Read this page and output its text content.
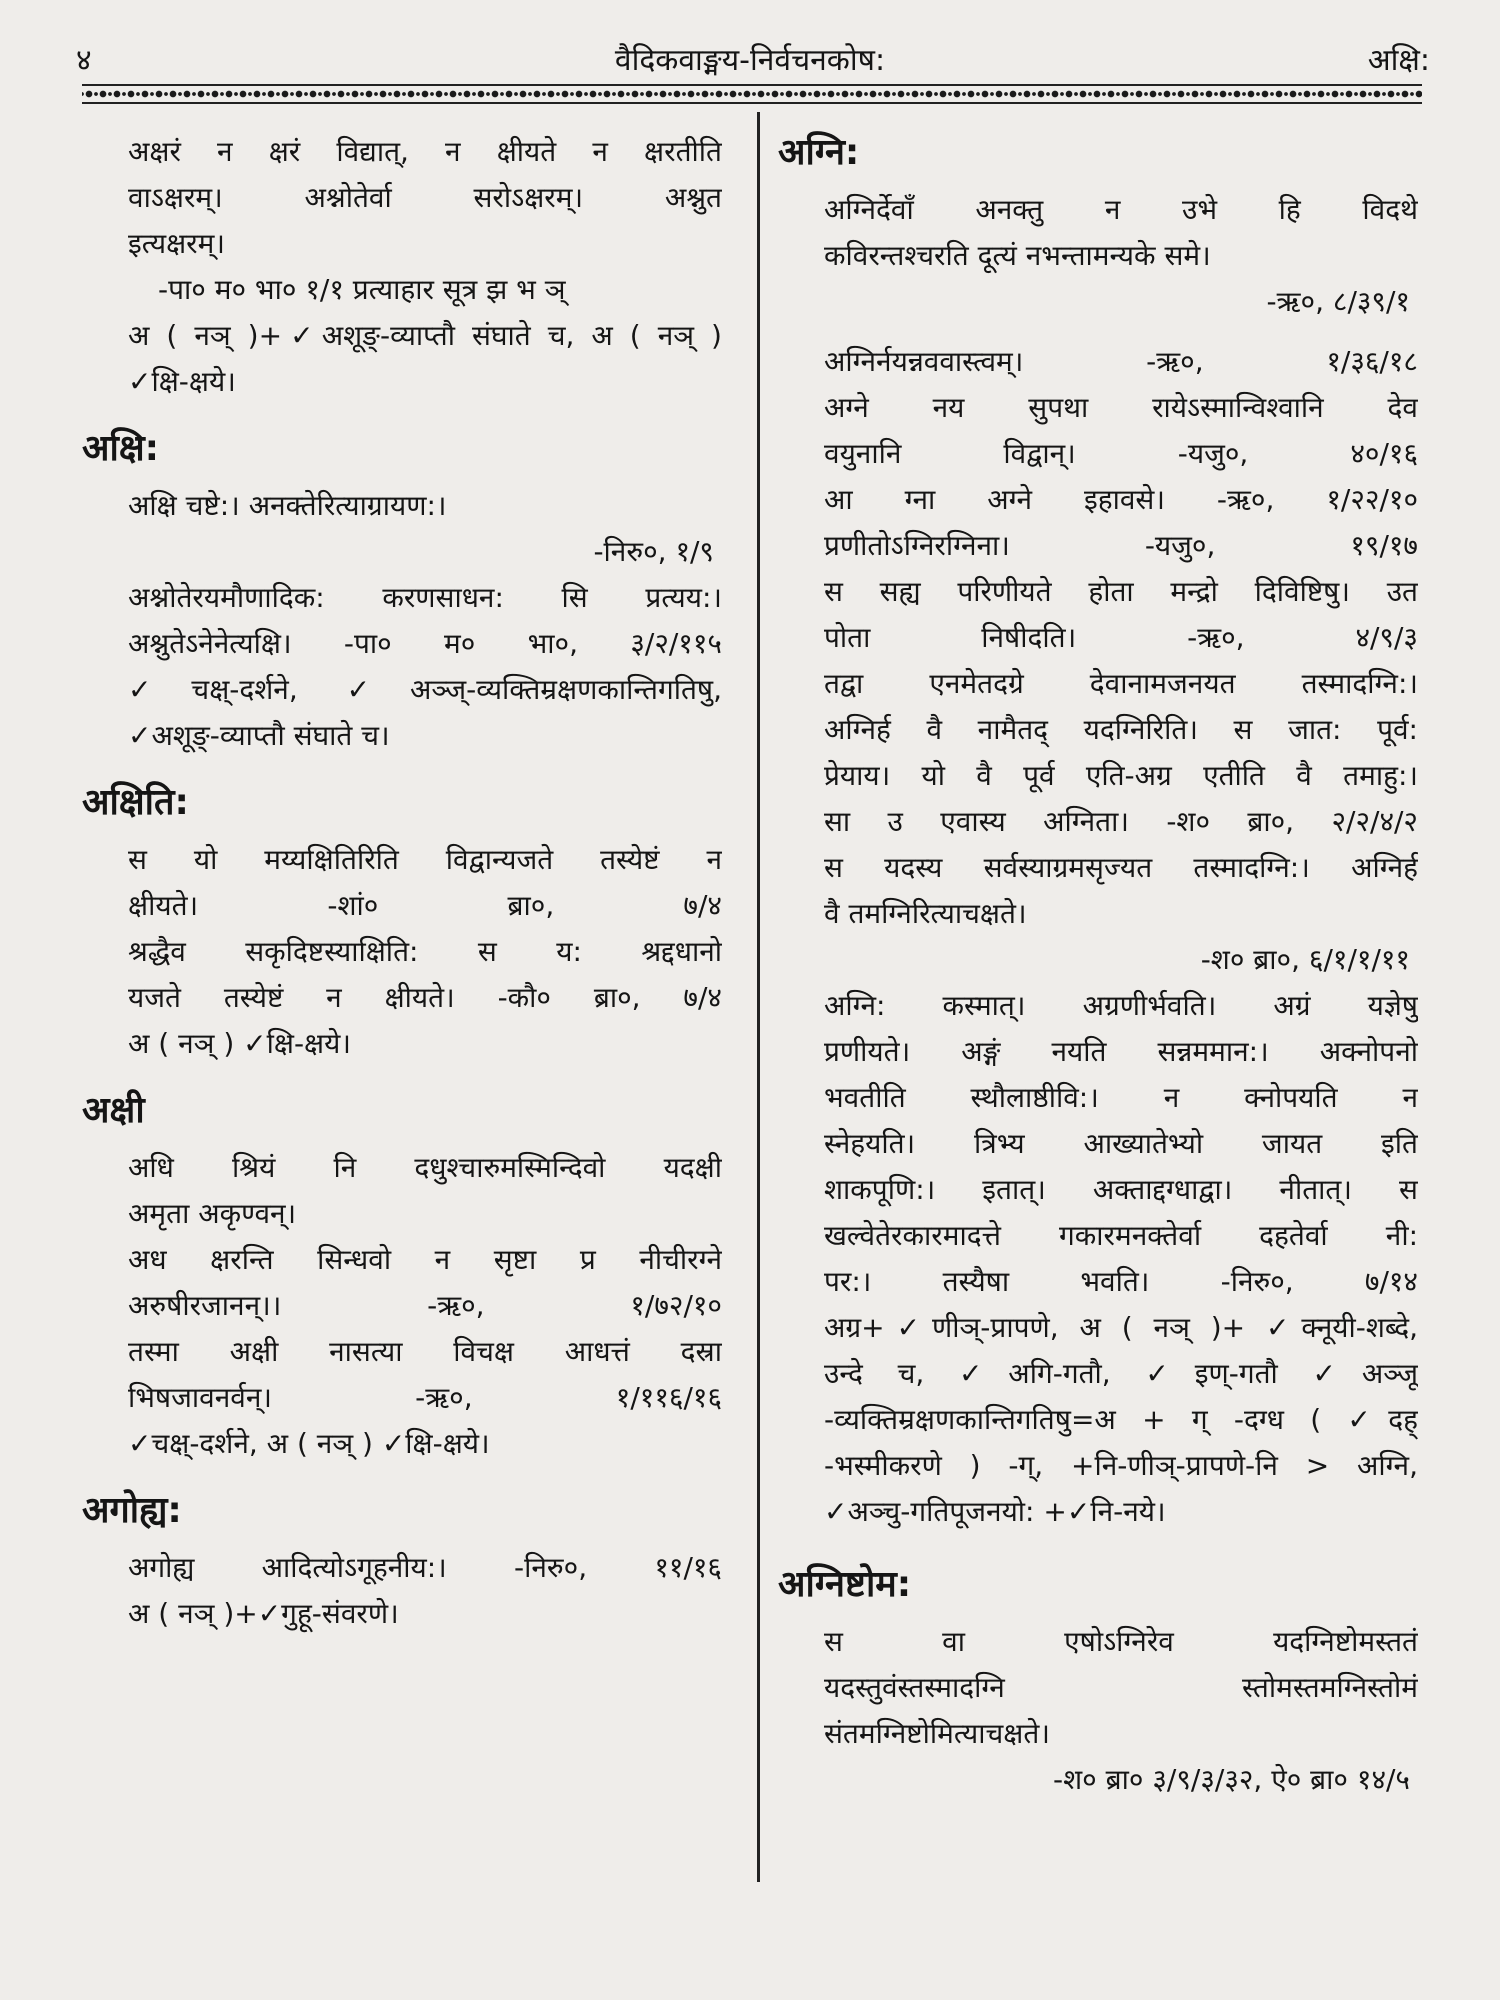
४	वैदिकवाङ्मय-निर्वचनकोष:	अक्षि:
अक्षरं न क्षरं विद्यात्, न क्षीयते न क्षरतीति
वाऽक्षरम्। अश्नोतेर्वा सरोऽक्षरम्। अश्नुत
इत्यक्षरम्।
-पा० म० भा० १/१ प्रत्याहार सूत्र झ भ ञ्
अ ( नञ् )+✓अशूङ्-व्याप्तौ संघाते च, अ ( नञ् )
✓क्षि-क्षये।
अक्षि:
अक्षि चष्टे:। अनक्तेरित्याग्रायण:।
-निरु०, १/९
अश्नोतेरयमौणादिक: करणसाधन: सि प्रत्यय:।
अश्नुतेऽनेनेत्यक्षि। -पा० म० भा०, ३/२/११५
✓चक्ष्-दर्शने, ✓अञ्ज्-व्यक्तिम्रक्षणकान्तिगतिषु,
✓अशूङ्-व्याप्तौ संघाते च।
अक्षिति:
स यो मय्यक्षितिरिति विद्वान्यजते तस्येष्टं न
क्षीयते। -शां० ब्रा०, ७/४
श्रद्धैव सकृदिष्टस्याक्षिति: स य: श्रद्दधानो
यजते तस्येष्टं न क्षीयते। -कौ० ब्रा०, ७/४
अ ( नञ् ) ✓क्षि-क्षये।
अक्षी
अधि श्रियं नि दधुश्चारुमस्मिन्दिवो यदक्षी
अमृता अकृण्वन्।
अध क्षरन्ति सिन्धवो न सृष्टा प्र नीचीरग्ने
अरुषीरजानन्।। -ऋ०, १/७२/१०
तस्मा अक्षी नासत्या विचक्ष आधत्तं दस्रा
भिषजावनर्वन्। -ऋ०, १/११६/१६
✓चक्ष्-दर्शने, अ ( नञ् ) ✓क्षि-क्षये।
अगोह्य:
अगोह्य आदित्योऽगूहनीय:। -निरु०, ११/१६
अ ( नञ् )+✓गुहू-संवरणे।
अग्नि:
अग्निर्देवाँ अनक्तु न उभे हि विदथे
कविरन्तश्चरति दूत्यं नभन्तामन्यके समे।
-ऋ०, ८/३९/१
अग्निर्नयन्नववास्त्वम्। -ऋ०, १/३६/१८
अग्ने नय सुपथा रायेऽस्मान्विश्वानि देव
वयुनानि विद्वान्। -यजु०, ४०/१६
आ ग्ना अग्ने इहावसे। -ऋ०, १/२२/१०
प्रणीतोऽग्निरग्निना। -यजु०, १९/१७
स सह्य परिणीयते होता मन्द्रो दिविष्टिषु। उत
पोता निषीदति। -ऋ०, ४/९/३
तद्वा एनमेतदग्रे देवानामजनयत तस्मादग्नि:।
अग्निर्ह वै नामैतद् यदग्निरिति। स जात: पूर्व:
प्रेयाय। यो वै पूर्व एति-अग्र एतीति वै तमाहु:।
सा उ एवास्य अग्निता। -श० ब्रा०, २/२/४/२
स यदस्य सर्वस्याग्रमसृज्यत तस्मादग्नि:। अग्निर्ह
वै तमग्निरित्याचक्षते।
-श० ब्रा०, ६/१/१/११
अग्नि: कस्मात्। अग्रणीर्भवति। अग्रं यज्ञेषु
प्रणीयते। अङ्गं नयति सन्नममान:। अक्नोपनो
भवतीति स्थौलाष्ठीवि:। न क्नोपयति न
स्नेहयति। त्रिभ्य आख्यातेभ्यो जायत इति
शाकपूणि:। इतात्। अक्ताद्दग्धाद्वा। नीतात्। स
खल्वेतेरकारमादत्ते गकारमनक्तेर्वा दहतेर्वा नी:
पर:। तस्यैषा भवति। -निरु०, ७/१४
अग्र+✓णीञ्-प्रापणे, अ ( नञ् )+ ✓क्नूयी-शब्दे,
उन्दे च, ✓अगि-गतौ, ✓इण्-गतौ ✓अञ्जू
-व्यक्तिम्रक्षणकान्तिगतिषु=अ + ग् -दग्ध ( ✓दह्
-भस्मीकरणे ) -ग्, +नि-णीञ्-प्रापणे-नि > अग्नि,
✓अञ्चु-गतिपूजनयो: +✓नि-नये।
अग्निष्टोम:
स वा एषोऽग्निरेव यदग्निष्टोमस्ततं
यदस्तुवंस्तस्मादग्नि स्तोमस्तमग्निस्तोमं
संतमग्निष्टोमित्याचक्षते।
-श० ब्रा० ३/९/३/३२, ऐ० ब्रा० १४/५
